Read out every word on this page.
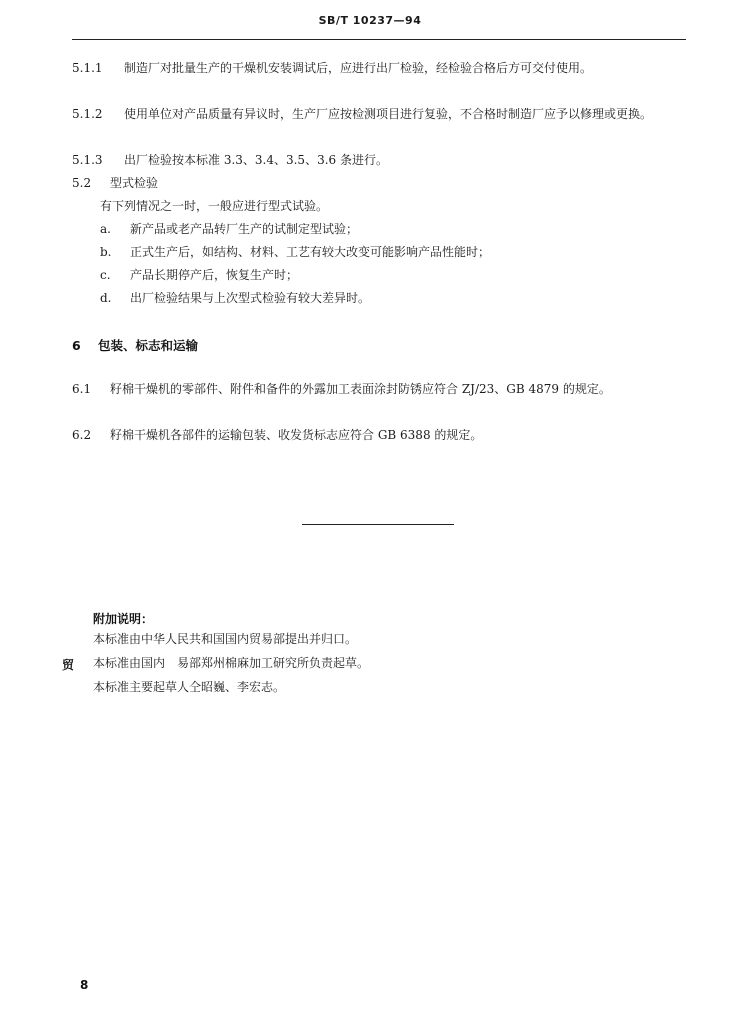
SB/T 10237—94
5.1.1 制造厂对批量生产的干燥机安装调试后，应进行出厂检验，经检验合格后方可交付使用。
5.1.2 使用单位对产品质量有异议时，生产厂应按检测项目进行复验，不合格时制造厂应予以修理或更换。
5.1.3 出厂检验按本标准 3.3、3.4、3.5、3.6 条进行。
5.2 型式检验
有下列情况之一时，一般应进行型式试验。
a. 新产品或老产品转厂生产的试制定型试验；
b. 正式生产后，如结构、材料、工艺有较大改变可能影响产品性能时；
c. 产品长期停产后，恢复生产时；
d. 出厂检验结果与上次型式检验有较大差异时。
6 包装、标志和运输
6.1 籽棉干燥机的零部件、附件和备件的外露加工表面涂封防锈应符合 ZJ/23、GB 4879 的规定。
6.2 籽棉干燥机各部件的运输包装、收发货标志应符合 GB 6388 的规定。
附加说明：
贸
本标准由中华人民共和国国内贸易部提出并归口。
本标准由国内　易部郑州棉麻加工研究所负责起草。
本标准主要起草人仝昭巍、李宏志。
8
